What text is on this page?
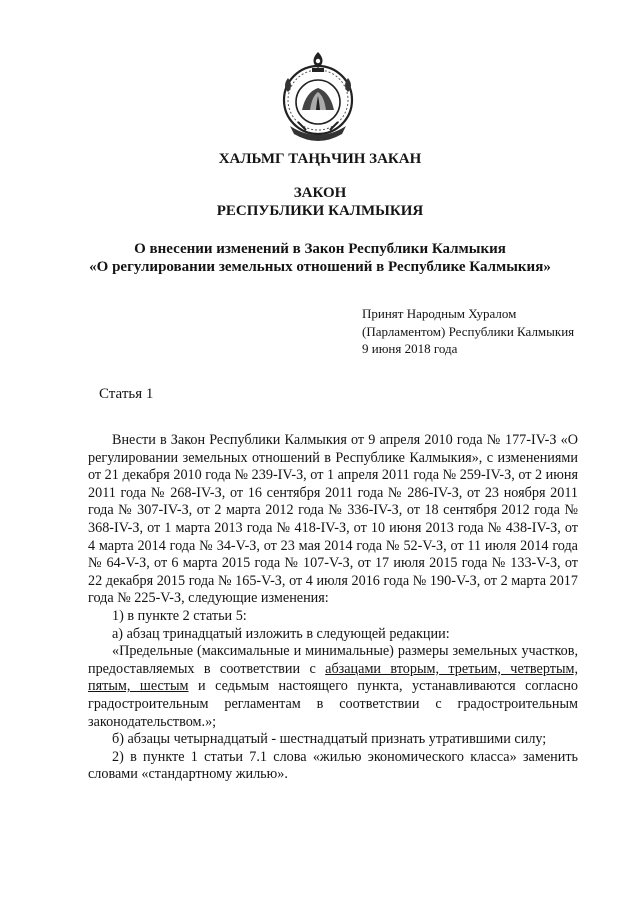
ХАЛЬМГ ТАҢҺЧИН ЗАКАН
ЗАКОН
РЕСПУБЛИКИ КАЛМЫКИЯ
О внесении изменений в Закон Республики Калмыкия
«О регулировании земельных отношений в Республике Калмыкия»
Принят Народным Хуралом
(Парламентом) Республики Калмыкия
9 июня 2018 года
Статья 1

Внести в Закон Республики Калмыкия от 9 апреля 2010 года № 177-IV-З «О регулировании земельных отношений в Республике Калмыкия», с изменениями от 21 декабря 2010 года № 239-IV-З, от 1 апреля 2011 года № 259-IV-З, от 2 июня 2011 года № 268-IV-З, от 16 сентября 2011 года № 286-IV-З, от 23 ноября 2011 года № 307-IV-З, от 2 марта 2012 года № 336-IV-З, от 18 сентября 2012 года № 368-IV-З, от 1 марта 2013 года № 418-IV-З, от 10 июня 2013 года № 438-IV-З, от 4 марта 2014 года № 34-V-З, от 23 мая 2014 года № 52-V-З, от 11 июля 2014 года № 64-V-З, от 6 марта 2015 года № 107-V-З, от 17 июля 2015 года № 133-V-З, от 22 декабря 2015 года № 165-V-З, от 4 июля 2016 года № 190-V-З, от 2 марта 2017 года № 225-V-З, следующие изменения:

1) в пункте 2 статьи 5:

а) абзац тринадцатый изложить в следующей редакции:

«Предельные (максимальные и минимальные) размеры земельных участков, предоставляемых в соответствии с абзацами вторым, третьим, четвертым, пятым, шестым и седьмым настоящего пункта, устанавливаются согласно градостроительным регламентам в соответствии с градостроительным законодательством.»;

б) абзацы четырнадцатый - шестнадцатый признать утратившими силу;

2) в пункте 1 статьи 7.1 слова «жилью экономического класса» заменить словами «стандартному жилью».
